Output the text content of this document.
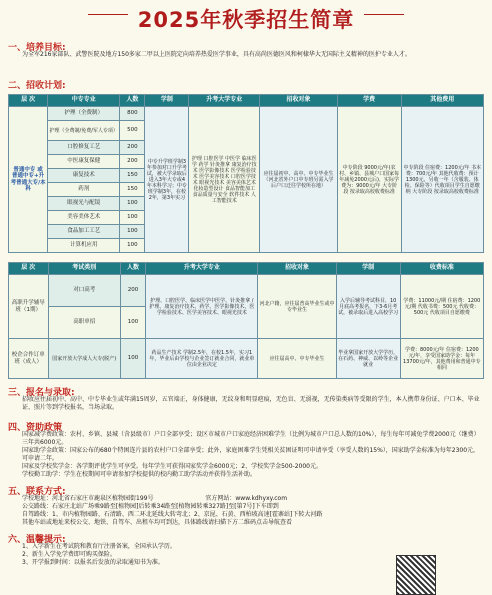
2025年秋季招生简章
一、培养目标:
为全军216家部队、武警医院及地方150多家二甲以上医院定向培养热爱医学事业，具有高尚医德医风和柯棣华大无国际主义精神的医护专业人才。
二、招收计划:
层 次	中专专业	人数	学制	升考大学专业	招收对象	学费	其他费用
普通中专 或 普通中专+升考普通大专/本科	护理（全费制）	800	中专升学班学制3年参加对口升学考试，被大学录取后进入3年大专或4年本科学习；中专班学制3年，在校2年，第3年实习	护理 口腔医学 中医学 临床医学 药学 针灸推拿 康复治疗技术 医学影像技术 医学检验技术 医学美容技术 口腔医学技术 眼视光技术 美容美体艺术 化妆造型设计 食品智能加工 食品质量与安全 软件技术 人工智能技术	应往届初中、高中、中专毕业生（河北省外户口中专班另需入学后户口迁往学校所在地）	中专阶段 9000元/年(农村、乡镇、县城户口国家每年减免2000元后)，实际学费为：9000元/年 大专阶段 按录取高校收费标准	中专阶段 住宿费：1200元/年 书本费：700元/年 其他代收费：预计1300元，另收一年（含服装、体检、保险等）代收项目学生自愿缴纳 大专阶段 按录取高校收费标准
	护理（全费制/免费/军人专项）	500					
	口腔修复工艺	200					
	中医康复保健	200					
	康复技术	150					
	药剂	150					
	眼视光与配镜	100					
	美容美体艺术	100					
	食品加工工艺	100					
	计算机应用	100					
层 次	考试类别	人数	升考大学专业	招收对象	学制	收费标准
高职升学辅导班（1期）	对口高考	200	护理、口腔医学、临床医学中医学、针灸推拿 / 护理、康复治疗技术、药学、医学影像技术、医学检验技术、医学美容技术、眼视光技术	河北户籍，应往届普高毕业生或中专毕业生	入学后辅导考试科目，10月底高考报名，下3-6月考试，被录取后进入高校学习	学费：11000元/期 住宿费：1200元/期 代收书费：500元 代收费：500元 代收项目自愿缴费
	高职单招	100				
校企合作订单班（成人）	国家开放大学成人大专(脱产)	100	药品生产技术 学制2.5年，在校1.5年，实习1年，毕业后由学校与企业签订就业合同，就业单位由企业决定	应往届高中、中专毕业生	毕业拿国家开放大学学历，在石药、神威、以岭等企业就业	学费：8000元/年 住宿费：1200元/年，享受国家助学金：每年13700元/年，其他费用和普通中专相同
三、报名与录取:
招收应往届初中、高中、中专毕业生或年满15周岁，五官端正，身体健康，无纹身和明显疤痕，无色盲、无弱视，无传染类病等受限的学生，本人携带身份证、户口本、毕业证、照片等到学校报名，当场录取。
四、资助政策
国家减学费政策：农村、乡镇、县城（含县级市）户口全部享受；设区市城市户口家庭经济困难学生（比例为城市户口总人数的10%），每生每年可减免学费2000元（继费）三年共6000元。
国家助学金政策：国家公布的680个特困连片县的农村户口全部享受；此外，家庭困难学生凭相关贫困证明可申请享受（享受人数的15%），国家助学金标准为每年2300元，可申请二年。
国家及学校奖学金：各学期评优学生可享受。每年学生可获得国家奖学金6000元；2、学校奖学金500-2000元。
学校勤工助学：学生在校期间可申请参加学校提供的校内勤工助学活动并获得生活补助。
五、联系方式:
学校地址：河北省石家庄市鹿泉区植物园街199号	官方网站：www.kdhyxy.com
公交路线：石家庄北站广场乘9路至[植物园]后转乘34路至[植物园转乘327路]至[第7号]下车即到
自驾路线：1、市内植物园路、石清路、西二环北延线大转弯北；2、京昆、石黄、西柏坡高速[霍寨站]下转大河路
其他车站或地址来校公交、地铁、自驾车、出租车均可到达，具体路线请扫描下方二维码点击导航查看
六、温馨提示:
1、入学新生在考试院和教育厅注册备案，全国承认学历。
2、新生入学免学费即可购买保险。
3、开学报到时间：以报名后发放的录取通知书为准。
